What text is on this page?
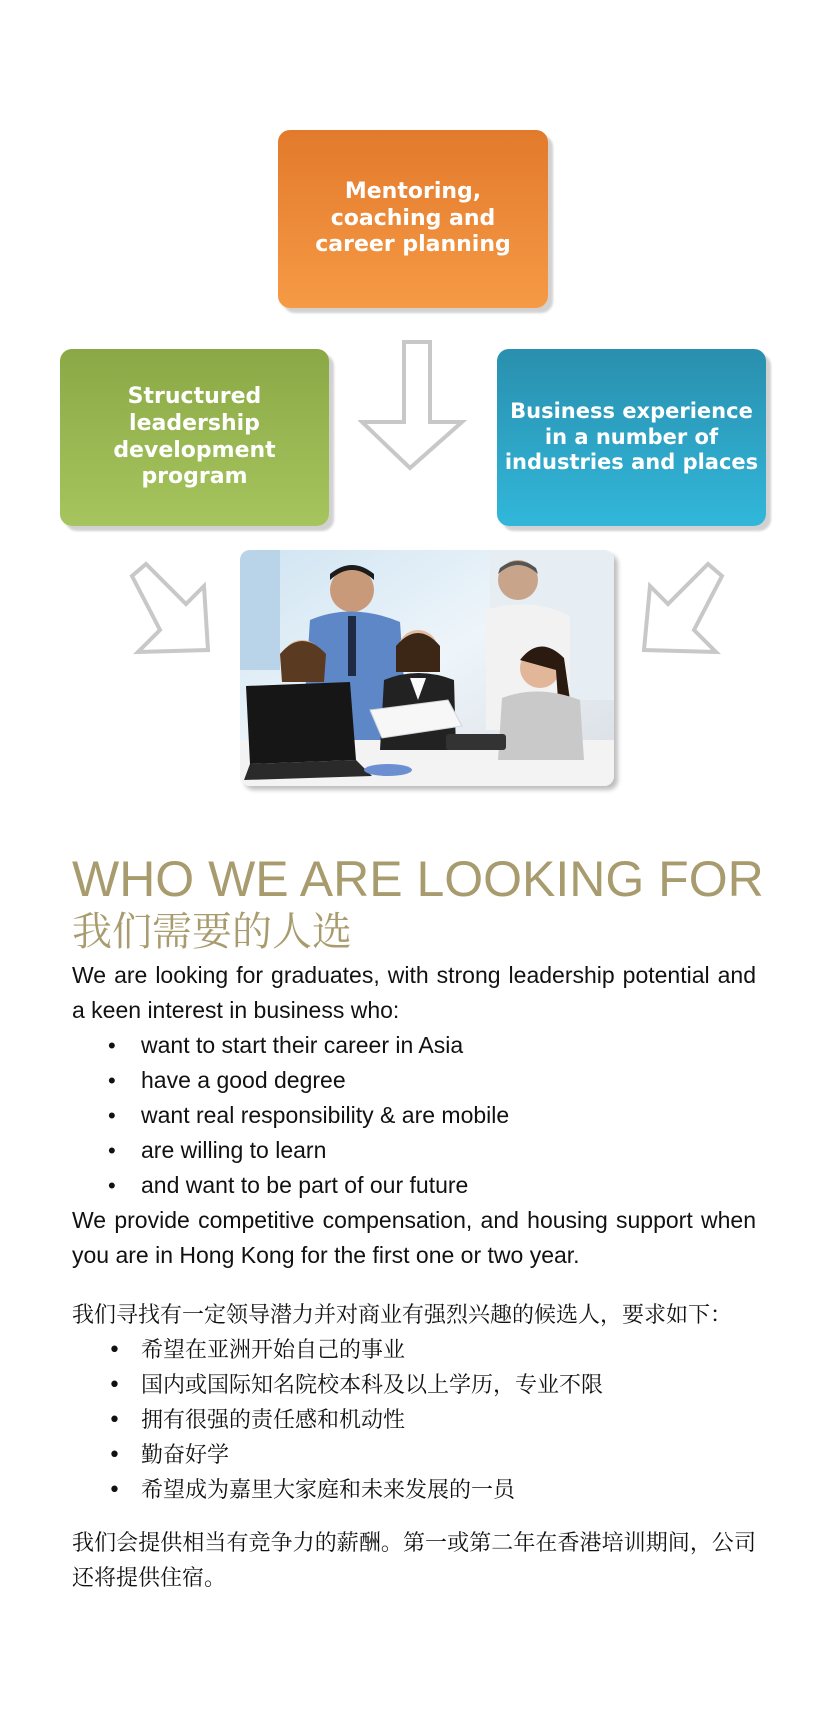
Mentoring,
coaching and
career planning
Structured
leadership
development
program
Business experience
in a number of
industries and places
WHO WE ARE LOOKING FOR
我们需要的人选

We are looking for graduates, with strong leadership potential and a keen interest in business who:

• want to start their career in Asia
• have a good degree
• want real responsibility & are mobile
• are willing to learn
• and want to be part of our future

We provide competitive compensation, and housing support when you are in Hong Kong for the first one or two year.

我们寻找有一定领导潜力并对商业有强烈兴趣的候选人，要求如下：

• 希望在亚洲开始自己的事业
• 国内或国际知名院校本科及以上学历，专业不限
• 拥有很强的责任感和机动性
• 勤奋好学
• 希望成为嘉里大家庭和未来发展的一员

我们会提供相当有竞争力的薪酬。第一或第二年在香港培训期间，公司还将提供住宿。
